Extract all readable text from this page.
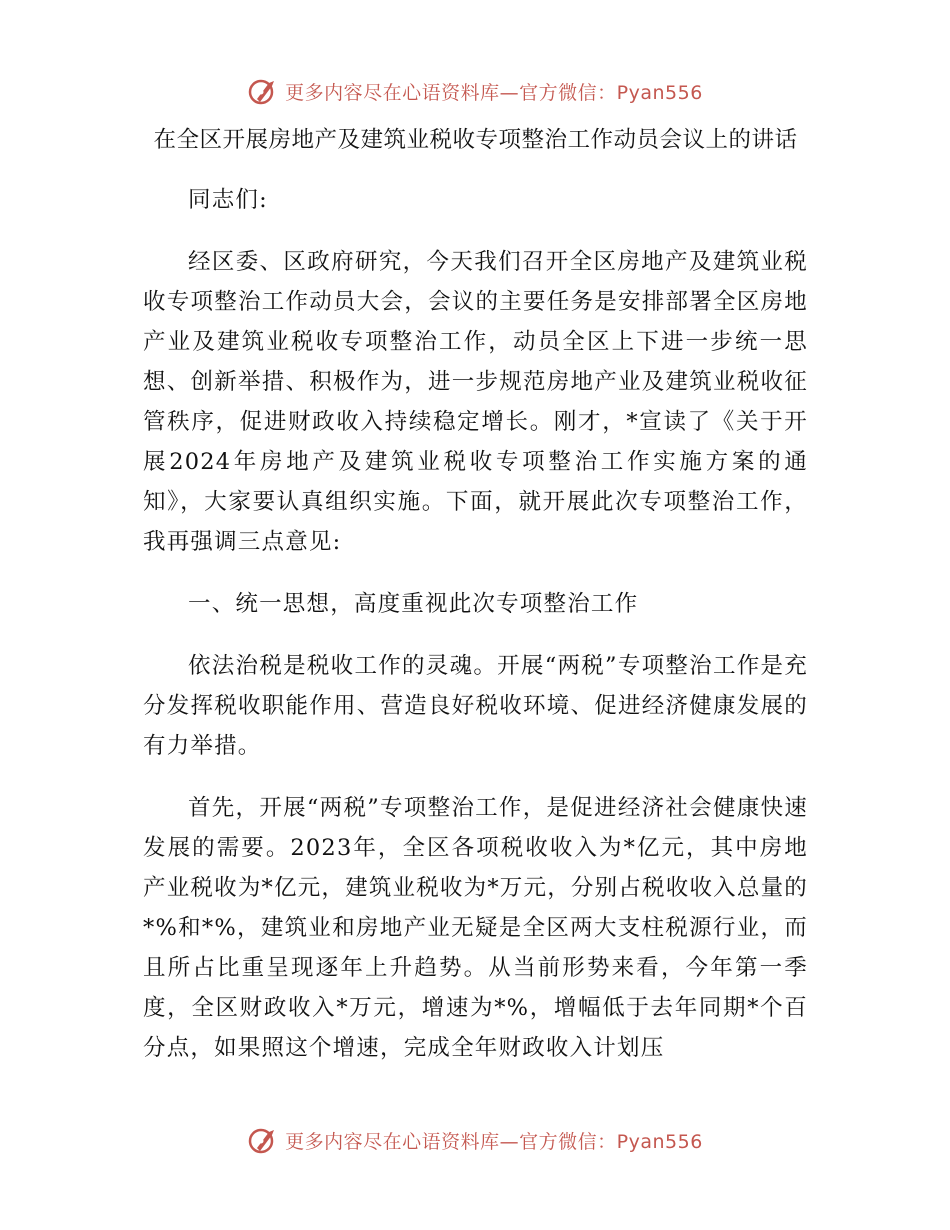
更多内容尽在心语资料库—官方微信：Pyan556
在全区开展房地产及建筑业税收专项整治工作动员会议上的讲话

同志们:

经区委、区政府研究，今天我们召开全区房地产及建筑业税收专项整治工作动员大会，会议的主要任务是安排部署全区房地产业及建筑业税收专项整治工作，动员全区上下进一步统一思想、创新举措、积极作为，进一步规范房地产业及建筑业税收征管秩序，促进财政收入持续稳定增长。刚才，*宣读了《关于开展2024年房地产及建筑业税收专项整治工作实施方案的通知》，大家要认真组织实施。下面，就开展此次专项整治工作，我再强调三点意见:

一、统一思想，高度重视此次专项整治工作

依法治税是税收工作的灵魂。开展“两税”专项整治工作是充分发挥税收职能作用、营造良好税收环境、促进经济健康发展的有力举措。

首先，开展“两税”专项整治工作，是促进经济社会健康快速发展的需要。2023年，全区各项税收收入为*亿元，其中房地产业税收为*亿元，建筑业税收为*万元，分别占税收收入总量的*%和*%，建筑业和房地产业无疑是全区两大支柱税源行业，而且所占比重呈现逐年上升趋势。从当前形势来看，今年第一季度，全区财政收入*万元，增速为*%，增幅低于去年同期*个百分点，如果照这个增速，完成全年财政收入计划压

更多内容尽在心语资料库—官方微信：Pyan556
